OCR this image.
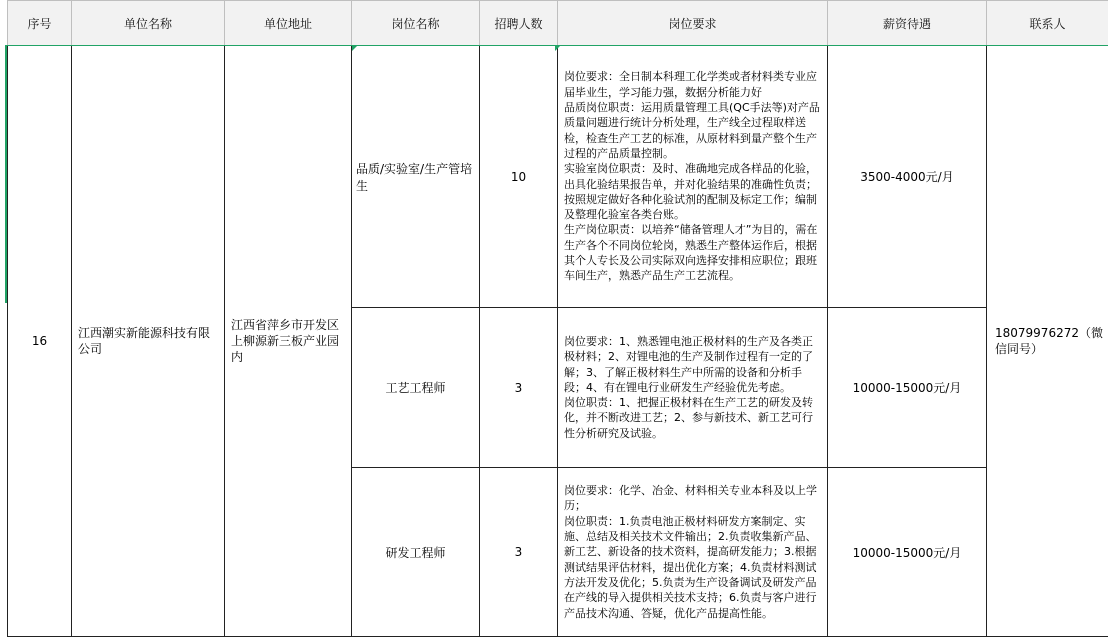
序号	单位名称	单位地址	岗位名称	招聘人数	岗位要求	薪资待遇	联系人
16	江西潮实新能源科技有限公司	江西省萍乡市开发区上柳源新三板产业园内	品质/实验室/生产管培生	10	岗位要求：全日制本科理工化学类或者材料类专业应届毕业生，学习能力强，数据分析能力好
品质岗位职责：运用质量管理工具(QC手法等)对产品质量问题进行统计分析处理，生产线全过程取样送检，检查生产工艺的标准，从原材料到量产整个生产过程的产品质量控制。
实验室岗位职责：及时、准确地完成各样品的化验，出具化验结果报告单，并对化验结果的准确性负责；按照规定做好各种化验试剂的配制及标定工作；编制及整理化验室各类台账。
生产岗位职责：以培养“储备管理人才”为目的，需在生产各个不同岗位轮岗，熟悉生产整体运作后，根据其个人专长及公司实际双向选择安排相应职位；跟班车间生产，熟悉产品生产工艺流程。	3500-4000元/月	18079976272（微信同号）
			工艺工程师	3	岗位要求：1、熟悉锂电池正极材料的生产及各类正极材料；2、对锂电池的生产及制作过程有一定的了解；3、了解正极材料生产中所需的设备和分析手段；4、有在锂电行业研发生产经验优先考虑。
岗位职责：1、把握正极材料在生产工艺的研发及转化，并不断改进工艺；2、参与新技术、新工艺可行性分析研究及试验。	10000-15000元/月	
			研发工程师	3	岗位要求：化学、冶金、材料相关专业本科及以上学历；
岗位职责：1.负责电池正极材料研发方案制定、实施、总结及相关技术文件输出；2.负责收集新产品、新工艺、新设备的技术资料，提高研发能力；3.根据测试结果评估材料，提出优化方案；4.负责材料测试方法开发及优化；5.负责为生产设备调试及研发产品在产线的导入提供相关技术支持；6.负责与客户进行产品技术沟通、答疑，优化产品提高性能。	10000-15000元/月	
